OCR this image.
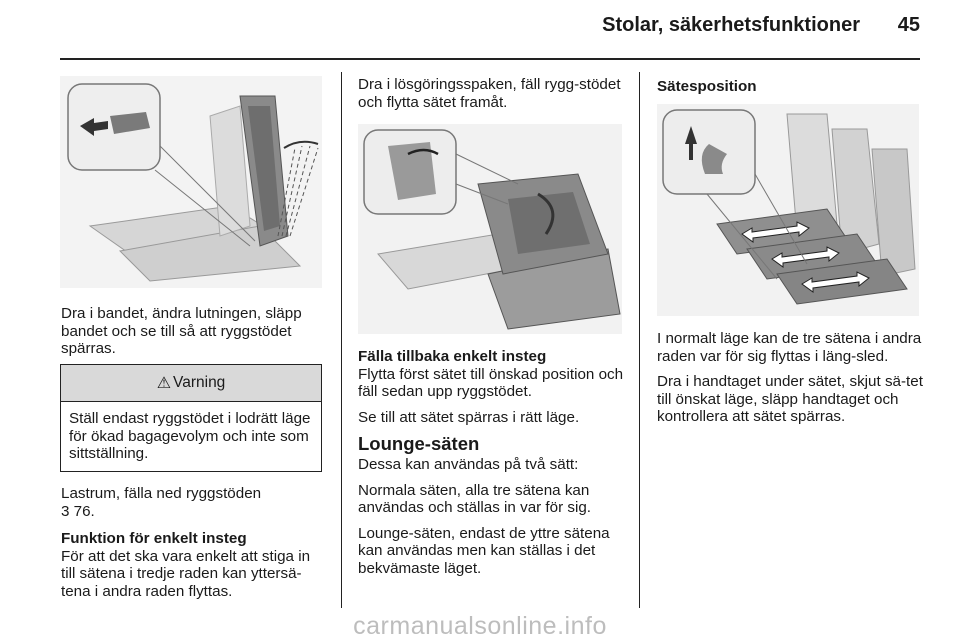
Stolar, säkerhetsfunktioner	45

Dra i bandet, ändra lutningen, släpp bandet och se till så att ryggstödet spärras.

⚠ Varning
Ställ endast ryggstödet i lodrätt läge för ökad bagagevolym och inte som sittställning.

Lastrum, fälla ned ryggstöden
3 76.

Funktion för enkelt insteg
För att det ska vara enkelt att stiga in till sätena i tredje raden kan yttersä-tena i andra raden flyttas.

Dra i lösgöringsspaken, fäll rygg-stödet och flytta sätet framåt.

Fälla tillbaka enkelt insteg

Flytta först sätet till önskad position och fäll sedan upp ryggstödet.

Se till att sätet spärras i rätt läge.

Lounge-säten

Dessa kan användas på två sätt:

Normala säten, alla tre sätena kan användas och ställas in var för sig.

Lounge-säten, endast de yttre sätena kan användas men kan ställas i det bekvämaste läget.

Sätesposition

I normalt läge kan de tre sätena i andra raden var för sig flyttas i läng-sled.

Dra i handtaget under sätet, skjut sä-tet till önskat läge, släpp handtaget och kontrollera att sätet spärras.

carmanualsonline.info
